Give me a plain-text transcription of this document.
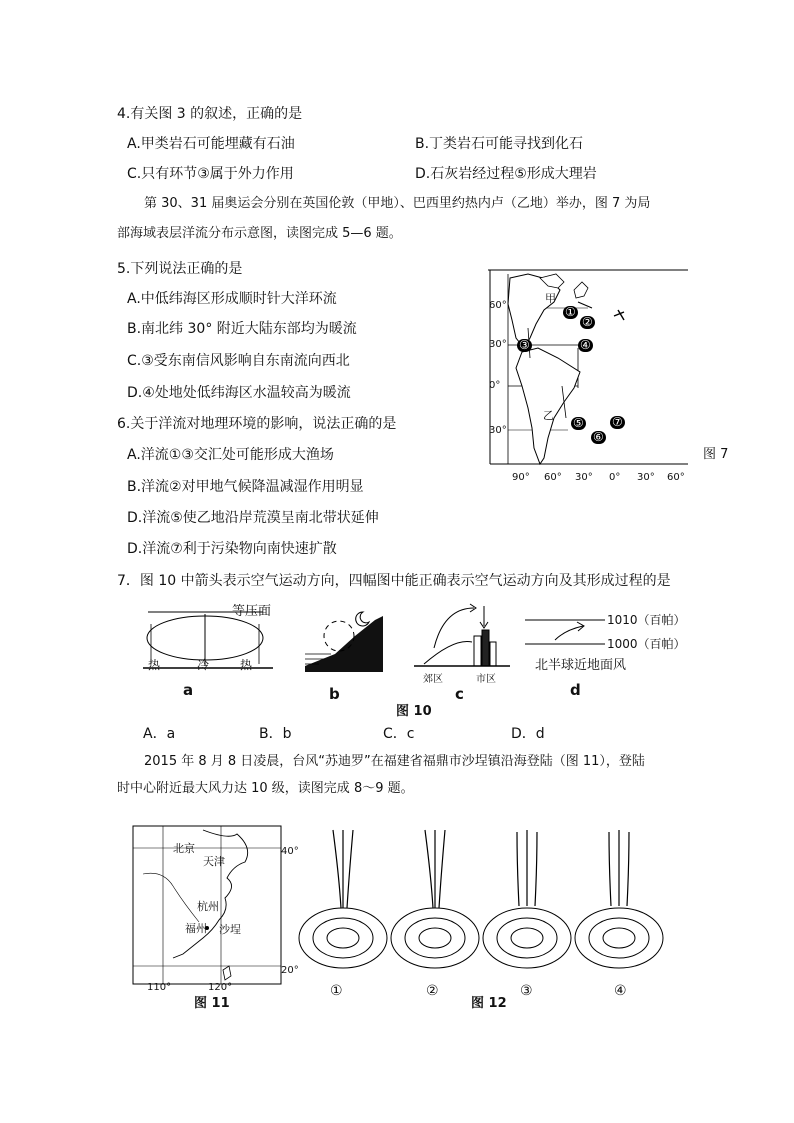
4.有关图 3 的叙述，正确的是
A.甲类岩石可能埋藏有石油	B.丁类岩石可能寻找到化石
C.只有环节③属于外力作用	D.石灰岩经过程⑤形成大理岩
第 30、31 届奥运会分别在英国伦敦（甲地）、巴西里约热内卢（乙地）举办，图 7 为局
部海域表层洋流分布示意图，读图完成 5—6 题。
5.下列说法正确的是
A.中低纬海区形成顺时针大洋环流
B.南北纬 30° 附近大陆东部均为暖流
C.③受东南信风影响自东南流向西北
D.④处地处低纬海区水温较高为暖流
6.关于洋流对地理环境的影响，说法正确的是
A.洋流①③交汇处可能形成大渔场
B.洋流②对甲地气候降温减湿作用明显
D.洋流⑤使乙地沿岸荒漠呈南北带状延伸
D.洋流⑦利于污染物向南快速扩散
①
②
③	④
⑤
⑥
⑦
甲
乙
60°
30°
0°
30°
90° 60° 30° 0° 30° 60°
图 7
7．图 10 中箭头表示空气运动方向，四幅图中能正确表示空气运动方向及其形成过程的是
等压面
热	冷	热
a	b
郊区	市区
c
1010（百帕）
1000（百帕）
北半球近地面风
d
图 10
A．a	B．b	C．c	D．d
2015 年 8 月 8 日凌晨，台风“苏迪罗”在福建省福鼎市沙埕镇沿海登陆（图 11），登陆
时中心附近最大风力达 10 级，读图完成 8～9 题。
北京
天津
杭州
福州 沙埕
40°
20°
110°	120°
图 11
①	②	③	④
图 12
